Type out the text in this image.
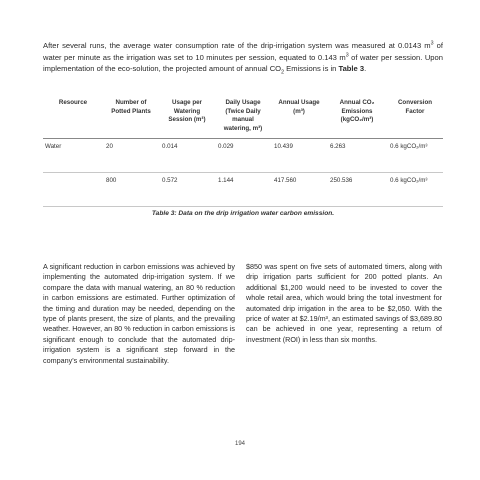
After several runs, the average water consumption rate of the drip-irrigation system was measured at 0.0143 $m^3$ of water per minute as the irrigation was set to 10 minutes per session, equated to 0.143 $m^3$ of water per session. Upon implementation of the eco-solution, the projected amount of annual $CO_2$ Emissions is in Table 3.
Resource	Number of Potted Plants	Usage per Watering Session (m³)	Daily Usage (Twice Daily manual watering, m³)	Annual Usage (m³)	Annual CO₂ Emissions (kgCO₂/m³)	Conversion Factor
Water	20	0.014	0.029	10.439	6.263	0.6 kgCO₂/m³
	800	0.572	1.144	417.560	250.536	0.6 kgCO₂/m³
Table 3: Data on the drip irrigation water carbon emission.
A significant reduction in carbon emissions was achieved by implementing the automated drip-irrigation system. If we compare the data with manual watering, an 80 % reduction in carbon emissions are estimated. Further optimization of the timing and duration may be needed, depending on the type of plants present, the size of plants, and the prevailing weather. However, an 80 % reduction in carbon emissions is significant enough to conclude that the automated drip-irrigation system is a significant step forward in the company’s environmental sustainability.
$850 was spent on five sets of automated timers, along with drip irrigation parts sufficient for 200 potted plants. An additional $1,200 would need to be invested to cover the whole retail area, which would bring the total investment for automated drip irrigation in the area to be $2,050. With the price of water at $2.19/m³, an estimated savings of $3,689.80 can be achieved in one year, representing a return of investment (ROI) in less than six months.
194
